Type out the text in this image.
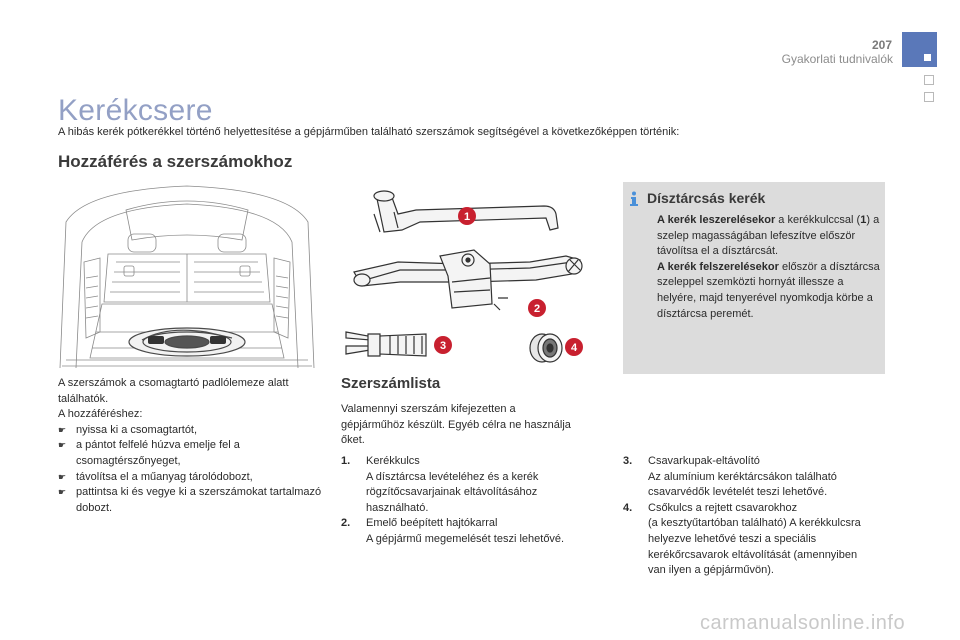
207
Gyakorlati tudnivalók
Kerékcsere

A hibás kerék pótkerékkel történő helyettesítése a gépjárműben található szerszámok segítségével a következőképpen történik:

Hozzáférés a szerszámokhoz
1
2
3	4

A szerszámok a csomagtartó padlólemeze alatt találhatók.

A hozzáféréshez:

☛ nyissa ki a csomagtartót,
☛ a pántot felfelé húzva emelje fel a csomagtérszőnyeget,
☛ távolítsa el a műanyag tárolódobozt,
☛ pattintsa ki és vegye ki a szerszámokat tartalmazó dobozt.
Szerszámlista

Valamennyi szerszám kifejezetten a gépjárműhöz készült. Egyéb célra ne használja őket.

1. Kerékkulcs
A dísztárcsa levételéhez és a kerék rögzítőcsavarjainak eltávolításához használható.
2. Emelő beépített hajtókarral
A gépjármű megemelését teszi lehetővé.
3. Csavarkupak-eltávolító
Az alumínium keréktárcsákon található csavarvédők levételét teszi lehetővé.
4. Csőkulcs a rejtett csavarokhoz
(a kesztyűtartóban található) A kerékkulcsra helyezve lehetővé teszi a speciális kerékőrcsavarok eltávolítását (amennyiben van ilyen a gépjárművön).
Dísztárcsás kerék

A kerék leszerelésekor a kerékkulccsal (1) a szelep magasságában lefeszítve először távolítsa el a dísztárcsát.

A kerék felszerelésekor először a dísztárcsa szeleppel szemközti hornyát illessze a helyére, majd tenyerével nyomkodja körbe a dísztárcsa peremét.

carmanualsonline.info
